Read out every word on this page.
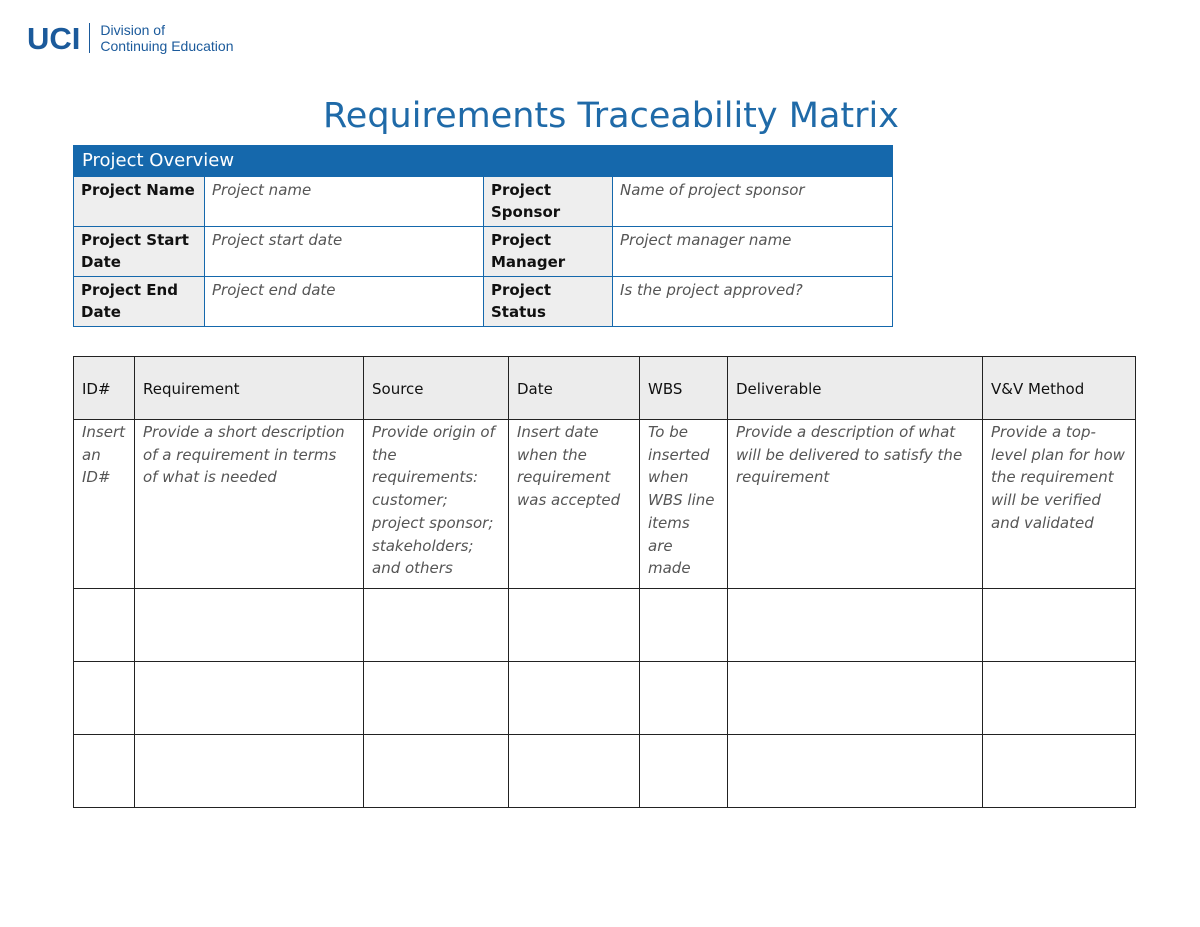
UCI Division of
Continuing Education
Requirements Traceability Matrix
Project Overview			
Project Name	Project name	Project Sponsor	Name of project sponsor
Project Start Date	Project start date	Project Manager	Project manager name
Project End Date	Project end date	Project Status	Is the project approved?
ID#	Requirement	Source	Date	WBS	Deliverable	V&V Method
Insert an ID#	Provide a short description of a requirement in terms of what is needed	Provide origin of the requirements: customer; project sponsor; stakeholders; and others	Insert date when the requirement was accepted	To be inserted when WBS line items are made	Provide a description of what will be delivered to satisfy the requirement	Provide a top-level plan for how the requirement will be verified and validated
